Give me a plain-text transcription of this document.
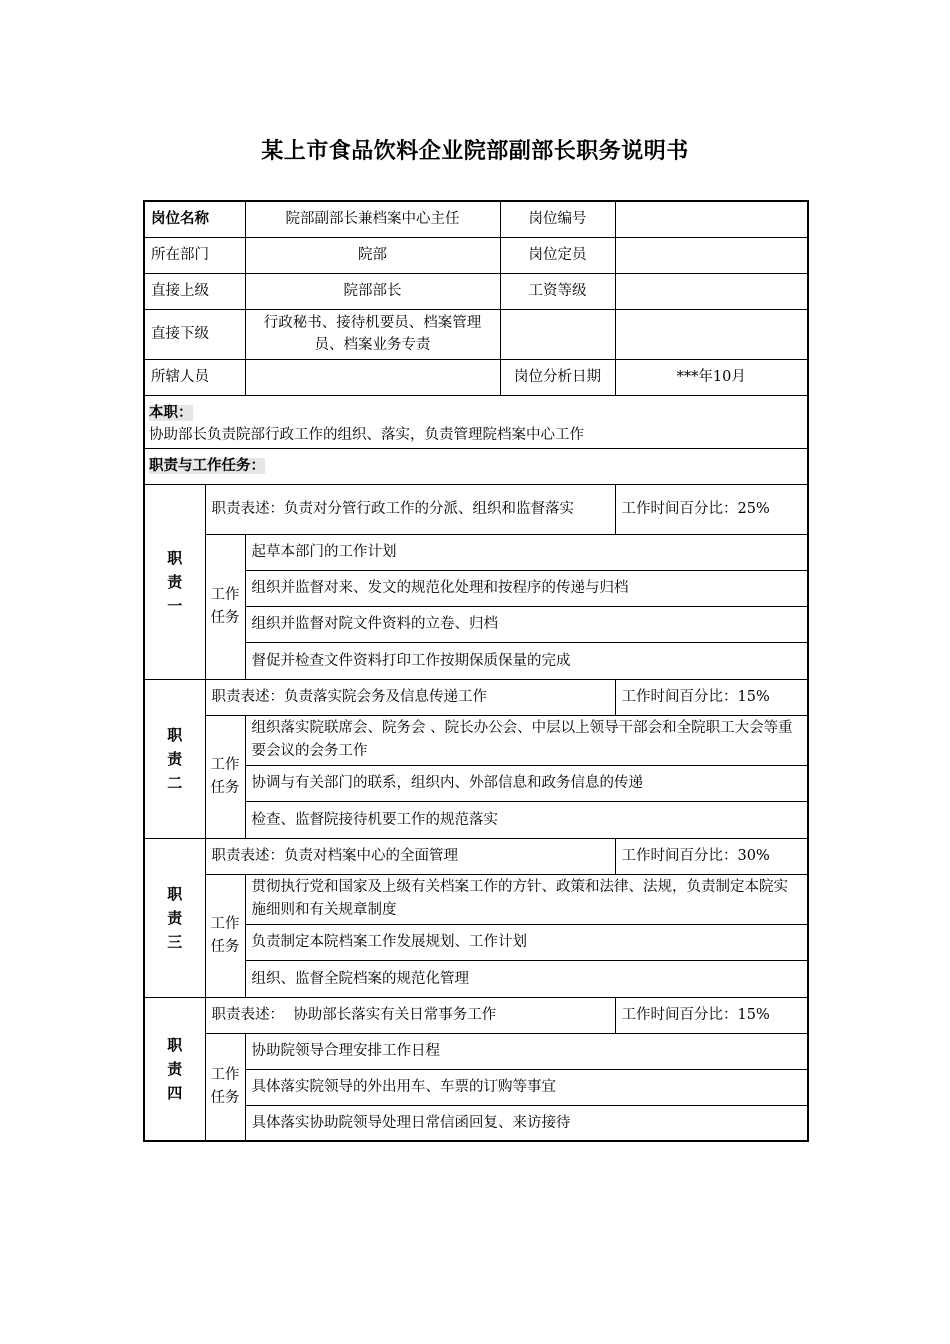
某上市食品饮料企业院部副部长职务说明书
岗位名称		院部副部长兼档案中心主任	岗位编号	
所在部门		院部	岗位定员	
直接上级		院部部长	工资等级	
直接下级		行政秘书、接待机要员、档案管理员、档案业务专责		
所辖人员			岗位分析日期	***年10月
本职：
协助部长负责院部行政工作的组织、落实，负责管理院档案中心工作				
职责与工作任务：				
职责一	职责表述：负责对分管行政工作的分派、组织和监督落实			工作时间百分比：25%
	工作任务	起草本部门的工作计划		
		组织并监督对来、发文的规范化处理和按程序的传递与归档		
		组织并监督对院文件资料的立卷、归档		
		督促并检查文件资料打印工作按期保质保量的完成		
职责二	职责表述：负责落实院会务及信息传递工作			工作时间百分比：15%
	工作任务	组织落实院联席会、院务会 、院长办公会、中层以上领导干部会和全院职工大会等重要会议的会务工作		
		协调与有关部门的联系，组织内、外部信息和政务信息的传递		
		检查、监督院接待机要工作的规范落实		
职责三	职责表述：负责对档案中心的全面管理			工作时间百分比：30%
	工作任务	贯彻执行党和国家及上级有关档案工作的方针、政策和法律、法规，负责制定本院实施细则和有关规章制度		
		负责制定本院档案工作发展规划、工作计划		
		组织、监督全院档案的规范化管理		
职责四	职责表述：  协助部长落实有关日常事务工作			工作时间百分比：15%
	工作任务	协助院领导合理安排工作日程		
		具体落实院领导的外出用车、车票的订购等事宜		
		具体落实协助院领导处理日常信函回复、来访接待		
